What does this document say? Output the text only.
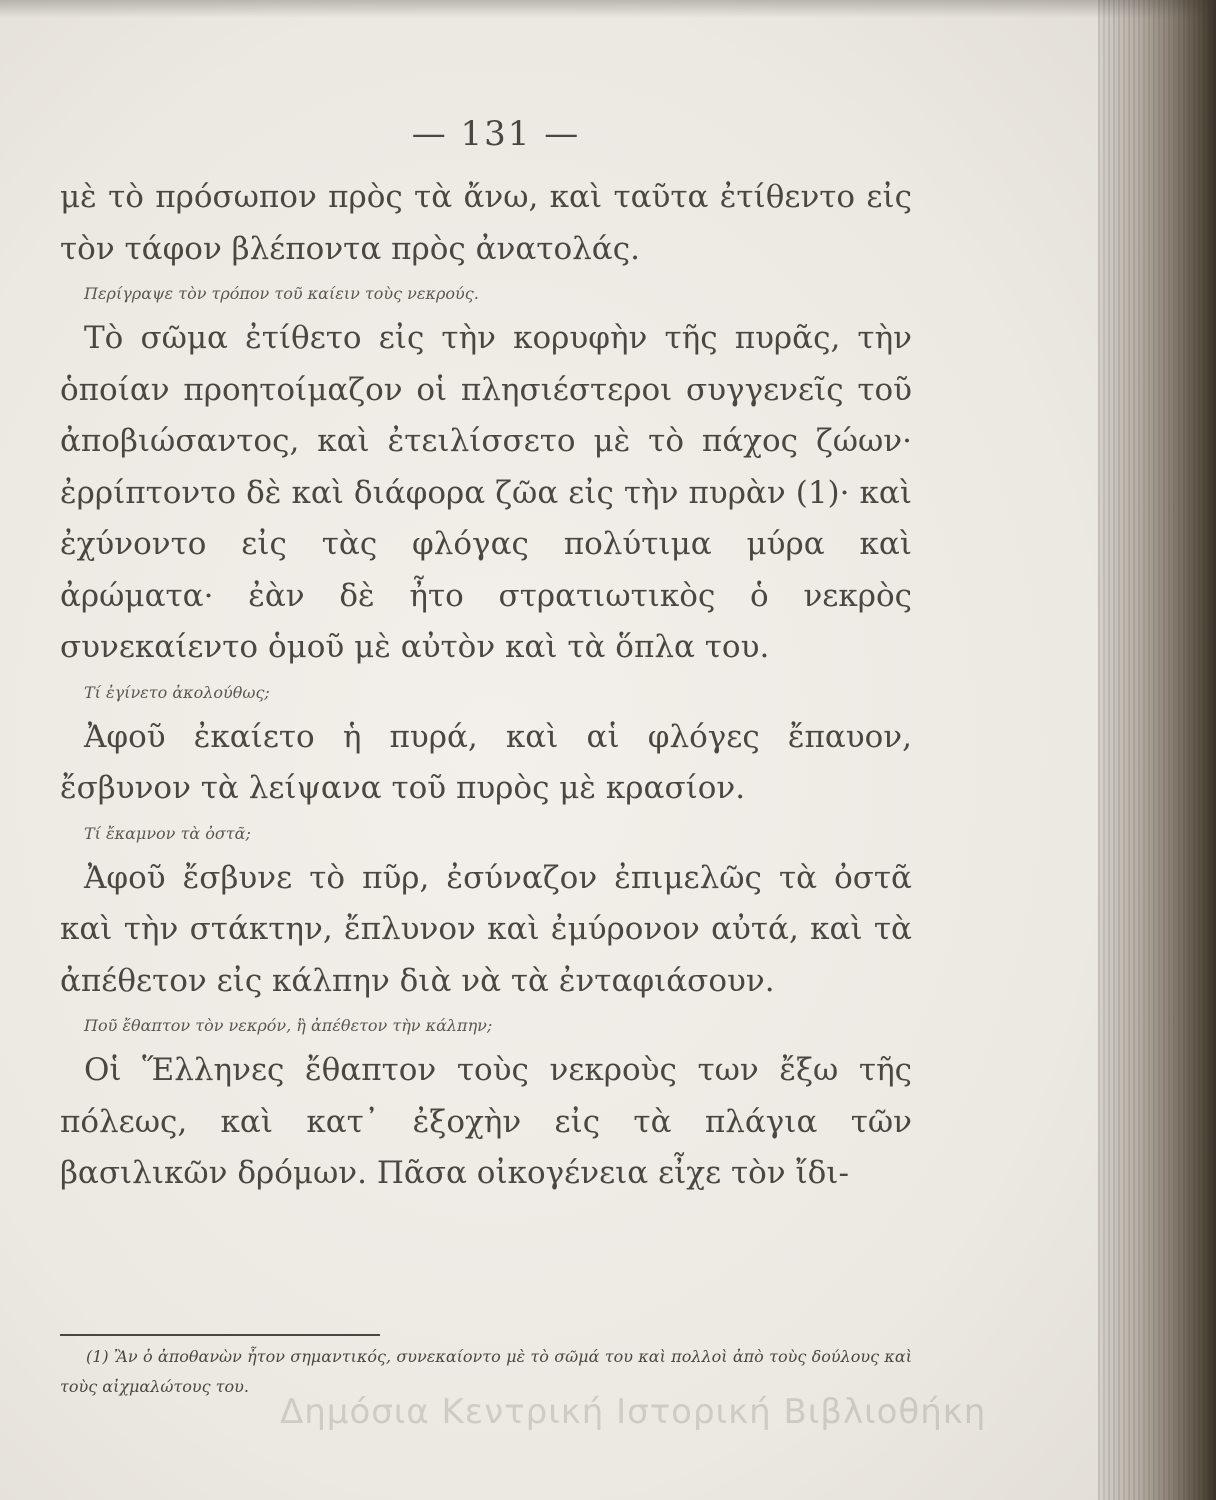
— 131 —

μὲ τὸ πρόσωπον πρὸς τὰ ἄνω, καὶ ταῦτα ἐτίθεντο εἰς τὸν τάφον βλέποντα πρὸς ἀνατολάς.

Περίγραψε τὸν τρόπον τοῦ καίειν τοὺς νεκρούς.

Τὸ σῶμα ἐτίθετο εἰς τὴν κορυφὴν τῆς πυρᾶς, τὴν ὁποίαν προητοίμαζον οἱ πλησιέστεροι συγγενεῖς τοῦ ἀποβιώσαντος, καὶ ἐτειλίσσετο μὲ τὸ πάχος ζώων· ἐρρίπτοντο δὲ καὶ διάφορα ζῶα εἰς τὴν πυρὰν (1)· καὶ ἐχύνοντο εἰς τὰς φλόγας πολύτιμα μύρα καὶ ἀρώματα· ἐὰν δὲ ἦτο στρατιωτικὸς ὁ νεκρὸς συνεκαίεντο ὁμοῦ μὲ αὐτὸν καὶ τὰ ὅπλα του.

Τί ἐγίνετο ἀκολούθως;

Ἀφοῦ ἐκαίετο ἡ πυρά, καὶ αἱ φλόγες ἔπαυον, ἔσβυνον τὰ λείψανα τοῦ πυρὸς μὲ κρασίον.

Τί ἔκαμνον τὰ ὀστᾶ;

Ἀφοῦ ἔσβυνε τὸ πῦρ, ἐσύναζον ἐπιμελῶς τὰ ὀστᾶ καὶ τὴν στάκτην, ἔπλυνον καὶ ἐμύρονον αὐτά, καὶ τὰ ἀπέθετον εἰς κάλπην διὰ νὰ τὰ ἐνταφιάσουν.

Ποῦ ἔθαπτον τὸν νεκρόν, ἢ ἀπέθετον τὴν κάλπην;

Οἱ Ἕλληνες ἔθαπτον τοὺς νεκροὺς των ἔξω τῆς πόλεως, καὶ κατ᾽ ἐξοχὴν εἰς τὰ πλάγια τῶν βασιλικῶν δρόμων. Πᾶσα οἰκογένεια εἶχε τὸν ἴδι-

(1) Ἂν ὁ ἀποθανὼν ἦτον σημαντικός, συνεκαίοντο μὲ τὸ σῶμά του καὶ πολλοὶ ἀπὸ τοὺς δούλους καὶ τοὺς αἰχμαλώτους του.
Δημόσια Κεντρική Ιστορική Βιβλιοθήκη
